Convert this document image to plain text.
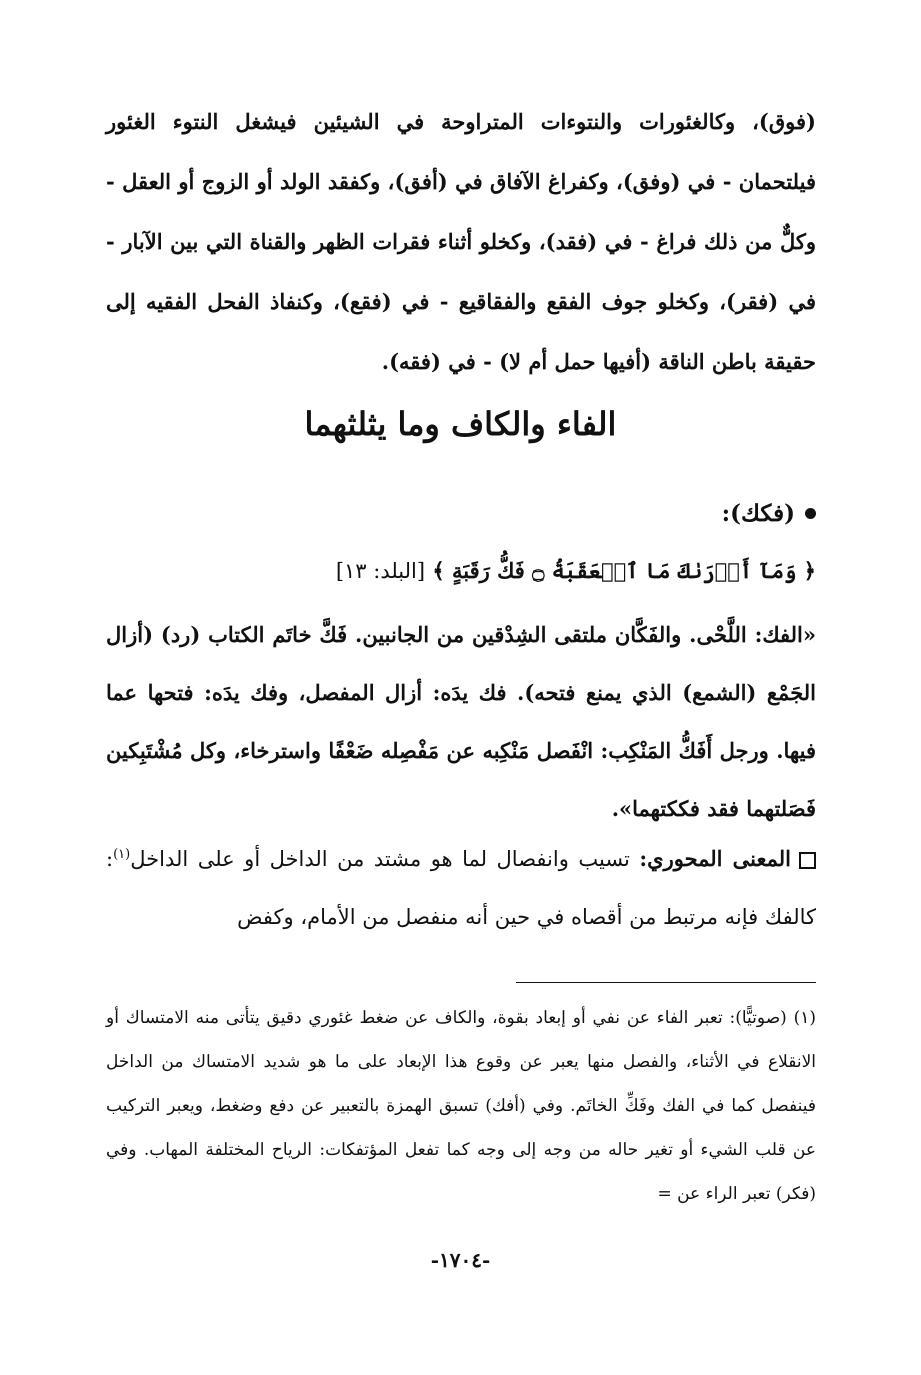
(فوق)، وكالغئورات والنتوءات المتراوحة في الشيئين فيشغل النتوء الغئور فيلتحمان - في (وفق)، وكفراغ الآفاق في (أفق)، وكفقد الولد أو الزوج أو العقل - وكلٌّ من ذلك فراغ - في (فقد)، وكخلو أثناء فقرات الظهر والقناة التي بين الآبار - في (فقر)، وكخلو جوف الفقع والفقاقيع - في (فقع)، وكنفاذ الفحل الفقيه إلى حقيقة باطن الناقة (أفيها حمل أم لا) - في (فقه).

الفاء والكاف وما يثلثهما
(فكك):
﴿ وَمَآ أَدۡرَىٰكَ مَا ٱلۡعَقَبَةُ ۝ فَكُّ رَقَبَةٍ ﴾ [البلد: ١٣]

«الفك: اللَّحْى. والفَكَّان ملتقى الشِدْقين من الجانبين. فَكَّ خاتَم الكتاب (رد) (أزال الجَمْع (الشمع) الذي يمنع فتحه). فك يدَه: أزال المفصل، وفك يدَه: فتحها عما فيها. ورجل أَفَكُّ المَنْكِب: انْفَصل مَنْكِبه عن مَفْصِله ضَعْفًا واسترخاء، وكل مُشْتَبِكين فَصَلتهما فقد فككتهما».

المعنى المحوري: تسيب وانفصال لما هو مشتد من الداخل أو على الداخل$^{(١)}$: كالفك فإنه مرتبط من أقصاه في حين أنه منفصل من الأمام، وكفض

(١) (صوتيًّا): تعبر الفاء عن نفي أو إبعاد بقوة، والكاف عن ضغط غئوري دقيق يتأتى منه الامتساك أو الانقلاع في الأثناء، والفصل منها يعبر عن وقوع هذا الإبعاد على ما هو شديد الامتساك من الداخل فينفصل كما في الفك وفَكِّ الخاتَم. وفي (أفك) تسبق الهمزة بالتعبير عن دفع وضغط، ويعبر التركيب عن قلب الشيء أو تغير حاله من وجه إلى وجه كما تفعل المؤتفكات: الرياح المختلفة المهاب. وفي (فكر) تعبر الراء عن =

-١٧٠٤-
